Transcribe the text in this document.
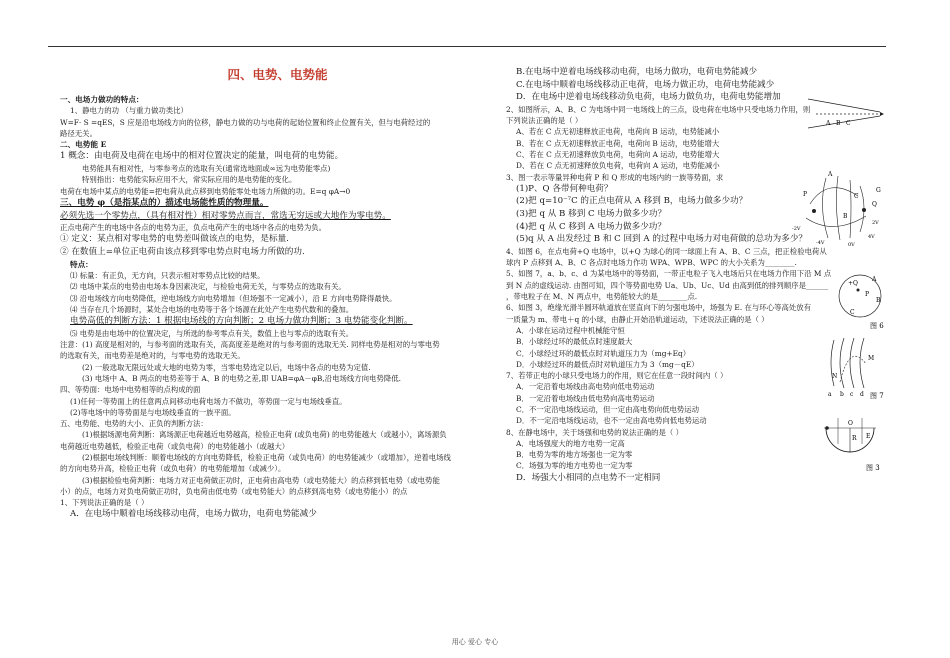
四、电势、电势能
一、电场力做功的特点：
1、静电力的功 （与重力做功类比）
W=F· S =qES，S 应是沿电场线方向的位移，静电力做的功与电荷的起始位置和终止位置有关，但与电荷经过的
路径无关。
二、电势能 E
1 概念：由电荷及电荷在电场中的相对位置决定的能量，叫电荷的电势能。
电势能具有相对性，与零参考点的选取有关(通常选地面或∞远为电势能零点)
特别指出：电势能实际应用不大，常实际应用的是电势能的变化。
电荷在电场中某点的电势能=把电荷从此点移到电势能零处电场力所做的功。E=q φA→0
三、电势 φ（是指某点的）描述电场能性质的物理量。
必须先选一个零势点，（具有相对性）相对零势点而言，常选无穷远或大地作为零电势。
正点电荷产生的电场中各点的电势为正，负点电荷产生的电场中各点的电势为负。
① 定义：某点相对零电势的电势差叫做该点的电势，是标量.
② 在数值上=单位正电荷由该点移到零电势点时电场力所做的功.
特点：
⑴ 标量：有正负，无方向，只表示相对零势点比较的结果。
⑵ 电场中某点的电势由电场本身因素决定，与检验电荷无关，与零势点的选取有关。
⑶ 沿电场线方向电势降低，逆电场线方向电势增加（但场强不一定减小），沿 E 方向电势降得最快。
⑷ 当存在几个场源时，某处合电场的电势等于各个场源在此处产生电势代数和的叠加。
电势高低的判断方法：1 根据电场线的方向判断；2 电场力做功判断；3 电势能变化判断。
⑸ 电势是由电场中的位置决定，与所选的参考零点有关，数值上也与零点的选取有关。
注意：(1) 高度是相对的，与参考面的选取有关，高高度差是绝对的与参考面的选取无关. 同样电势是相对的与零电势
的选取有关，而电势差是绝对的，与零电势的选取无关。
(2) 一般选取无限远处或大地的电势为零，当零电势选定以后，电场中各点的电势为定值.
(3) 电场中 A、B 两点的电势差等于 A、B 的电势之差,即 UAB=φA－φB,沿电场线方向电势降低.
四、等势面：电场中电势相等的点构成的面
(1)任何一等势面上的任意两点间移动电荷电场力不做功，等势面一定与电场线垂直。
(2)等电场中的等势面是与电场线垂直的一族平面。
五、电势能、电势的大小、正负的判断方法：
(1)根据场源电荷判断：离场源正电荷越近电势越高，检验正电荷 (或负电荷) 的电势能越大（或越小），离场源负
电荷越近电势越低，检验正电荷（或负电荷）的电势能越小（或越大）
(2)根据电场线判断：顺着电场线的方向电势降低，检验正电荷（或负电荷）的电势能减少（或增加），逆着电场线
的方向电势升高，检验正电荷（或负电荷）的电势能增加（或减少）。
(3)根据检验电荷判断：电场力对正电荷做正功时，正电荷由高电势（或电势能大）的点移到低电势（或电势能
小）的点，电场力对负电荷做正功时，负电荷由低电势（或电势能大）的点移到高电势（或电势能小）的点
1、下列说法正确的是（ ）
A．在电场中顺着电场线移动电荷，电场力做功，电荷电势能减少
B.在电场中逆着电场线移动电荷，电场力做功，电荷电势能减少
C.在电场中顺着电场线移动正电荷，电场力做正功，电荷电势能减少
D．在电场中逆着电场线移动负电荷，电场力做负功，电荷电势能增加
2、如图所示，A、B、C 为电场中同一电场线上的三点，设电荷在电场中只受电场力作用，则
下列说法正确的是（ ）
A、若在 C 点无初速释放正电荷，电荷向 B 运动，电势能减小
B、若在 C 点无初速释放正电荷，电荷向 B 运动，电势能增大
C、若在 C 点无初速释放负电荷，电荷向 A 运动，电势能增大
D、若在 C 点无初速释放负电荷，电荷向 A 运动，电势能减小
3、图一表示等量异种电荷 P 和 Q 形成的电场内的一族等势面，求
(1)P、Q 各带何种电荷？
(2)把 q=10⁻⁷C 的正点电荷从 A 移到 B，电场力做多少功？
(3)把 q 从 B 移到 C 电场力做多少功？
(4)把 q 从 C 移到 A 电场力做多少功？
(5)q 从 A 出发经过 B 和 C 回到 A 的过程中电场力对电荷做的总功为多少？
4、如图 6，在点电荷+Q 电场中，以+Q 为球心的同一球面上有 A、B、C 三点，把正检验电荷从
球内 P 点移到 A、B、C 各点时电场力作功 WPA、WPB、WPC 的大小关系为________.
5、如图 7，a、b、c、d 为某电场中的等势面，一带正电粒子飞入电场后只在电场力作用下沿 M 点
到 N 点的虚线运动. 由图可知，四个等势面电势 Ua、Ub、Uc、Ud 由高到低的排列顺序是______
，带电粒子在 M、N 两点中，电势能较大的是________点.
6、如图 3，绝缘光滑半圆环轨道放在竖直向下的匀强电场中，场强为 E. 在与环心等高处放有
一质量为 m、带电＋q 的小球，由静止开始沿轨道运动，下述说法正确的是（ ）
A．小球在运动过程中机械能守恒
B．小球经过环的最低点时速度最大
C．小球经过环的最低点时对轨道压力为（mg+Eq）
D．小球经过环的最低点时对轨道压力为 3（mg－qE）
7、若带正电的小球只受电场力的作用，则它在任意一段时间内（ ）
A．一定沿着电场线由高电势向低电势运动
B．一定沿着电场线由低电势向高电势运动
C．不一定沿电场线运动，但一定由高电势向低电势运动
D．不一定沿电场线运动，也不一定由高电势向低电势运动
8、在静电场中，关于场强和电势的说法正确的是（ ）
A．电场强度大的地方电势一定高
B．电势为零的地方场强也一定为零
C．场强为零的地方电势也一定为零
D．场强大小相同的点电势不一定相同
A B C
P
Q
A
B
C
G
0V
-2V
-4V
2V
4V
+Q
A
P
B
C
图 6
a b c d
M
N
图 7
O
R E
图 3
用心 爱心 专心
